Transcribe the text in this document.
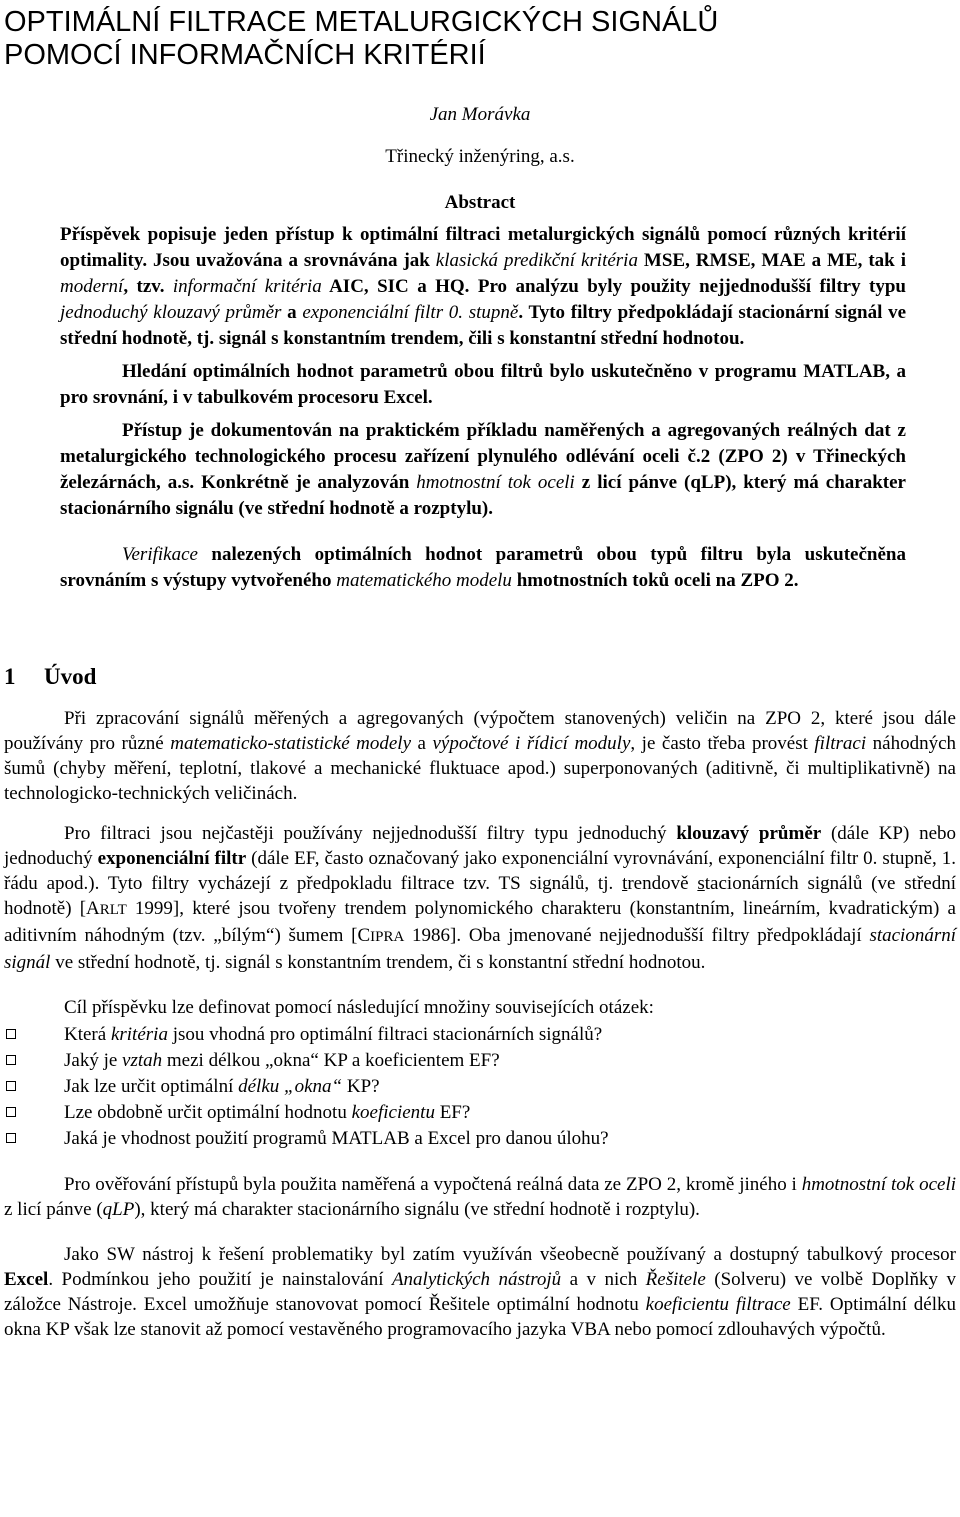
OPTIMÁLNÍ FILTRACE METALURGICKÝCH SIGNÁLŮ
POMOCÍ INFORMAČNÍCH KRITÉRIÍ
Jan Morávka
Třinecký inženýring, a.s.
Abstract

Příspěvek popisuje jeden přístup k optimální filtraci metalurgických signálů pomocí různých kritérií optimality. Jsou uvažována a srovnávána jak klasická predikční kritéria MSE, RMSE, MAE a ME, tak i moderní, tzv. informační kritéria AIC, SIC a HQ. Pro analýzu byly použity nejjednodušší filtry typu jednoduchý klouzavý průměr a exponenciální filtr 0. stupně. Tyto filtry předpokládají stacionární signál ve střední hodnotě, tj. signál s konstantním trendem, čili s konstantní střední hodnotou.

Hledání optimálních hodnot parametrů obou filtrů bylo uskutečněno v programu MATLAB, a pro srovnání, i v tabulkovém procesoru Excel.

Přístup je dokumentován na praktickém příkladu naměřených a agregovaných reálných dat z metalurgického technologického procesu zařízení plynulého odlévání oceli č.2 (ZPO 2) v Třineckých železárnách, a.s. Konkrétně je analyzován hmotnostní tok oceli z licí pánve (qLP), který má charakter stacionárního signálu (ve střední hodnotě a rozptylu).

Verifikace nalezených optimálních hodnot parametrů obou typů filtru byla uskutečněna srovnáním s výstupy vytvořeného matematického modelu hmotnostních toků oceli na ZPO 2.

1 Úvod

Při zpracování signálů měřených a agregovaných (výpočtem stanovených) veličin na ZPO 2, které jsou dále používány pro různé matematicko-statistické modely a výpočtové i řídicí moduly, je často třeba provést filtraci náhodných šumů (chyby měření, teplotní, tlakové a mechanické fluktuace apod.) superponovaných (aditivně, či multiplikativně) na technologicko-technických veličinách.

Pro filtraci jsou nejčastěji používány nejjednodušší filtry typu jednoduchý klouzavý průměr (dále KP) nebo jednoduchý exponenciální filtr (dále EF, často označovaný jako exponenciální vyrovnávání, exponenciální filtr 0. stupně, 1. řádu apod.). Tyto filtry vycházejí z předpokladu filtrace tzv. TS signálů, tj. trendově stacionárních signálů (ve střední hodnotě) [ARLT 1999], které jsou tvořeny trendem polynomického charakteru (konstantním, lineárním, kvadratickým) a aditivním náhodným (tzv. „bílým“) šumem [CIPRA 1986]. Oba jmenované nejjednodušší filtry předpokládají stacionární signál ve střední hodnotě, tj. signál s konstantním trendem, či s konstantní střední hodnotou.

Cíl příspěvku lze definovat pomocí následující množiny souvisejících otázek:

Která kritéria jsou vhodná pro optimální filtraci stacionárních signálů?
Jaký je vztah mezi délkou „okna“ KP a koeficientem EF?
Jak lze určit optimální délku „okna“ KP?
Lze obdobně určit optimální hodnotu koeficientu EF?
Jaká je vhodnost použití programů MATLAB a Excel pro danou úlohu?

Pro ověřování přístupů byla použita naměřená a vypočtená reálná data ze ZPO 2, kromě jiného i hmotnostní tok oceli z licí pánve (qLP), který má charakter stacionárního signálu (ve střední hodnotě i rozptylu).

Jako SW nástroj k řešení problematiky byl zatím využíván všeobecně používaný a dostupný tabulkový procesor Excel. Podmínkou jeho použití je nainstalování Analytických nástrojů a v nich Řešitele (Solveru) ve volbě Doplňky v záložce Nástroje. Excel umožňuje stanovovat pomocí Řešitele optimální hodnotu koeficientu filtrace EF. Optimální délku okna KP však lze stanovit až pomocí vestavěného programovacího jazyka VBA nebo pomocí zdlouhavých výpočtů.
